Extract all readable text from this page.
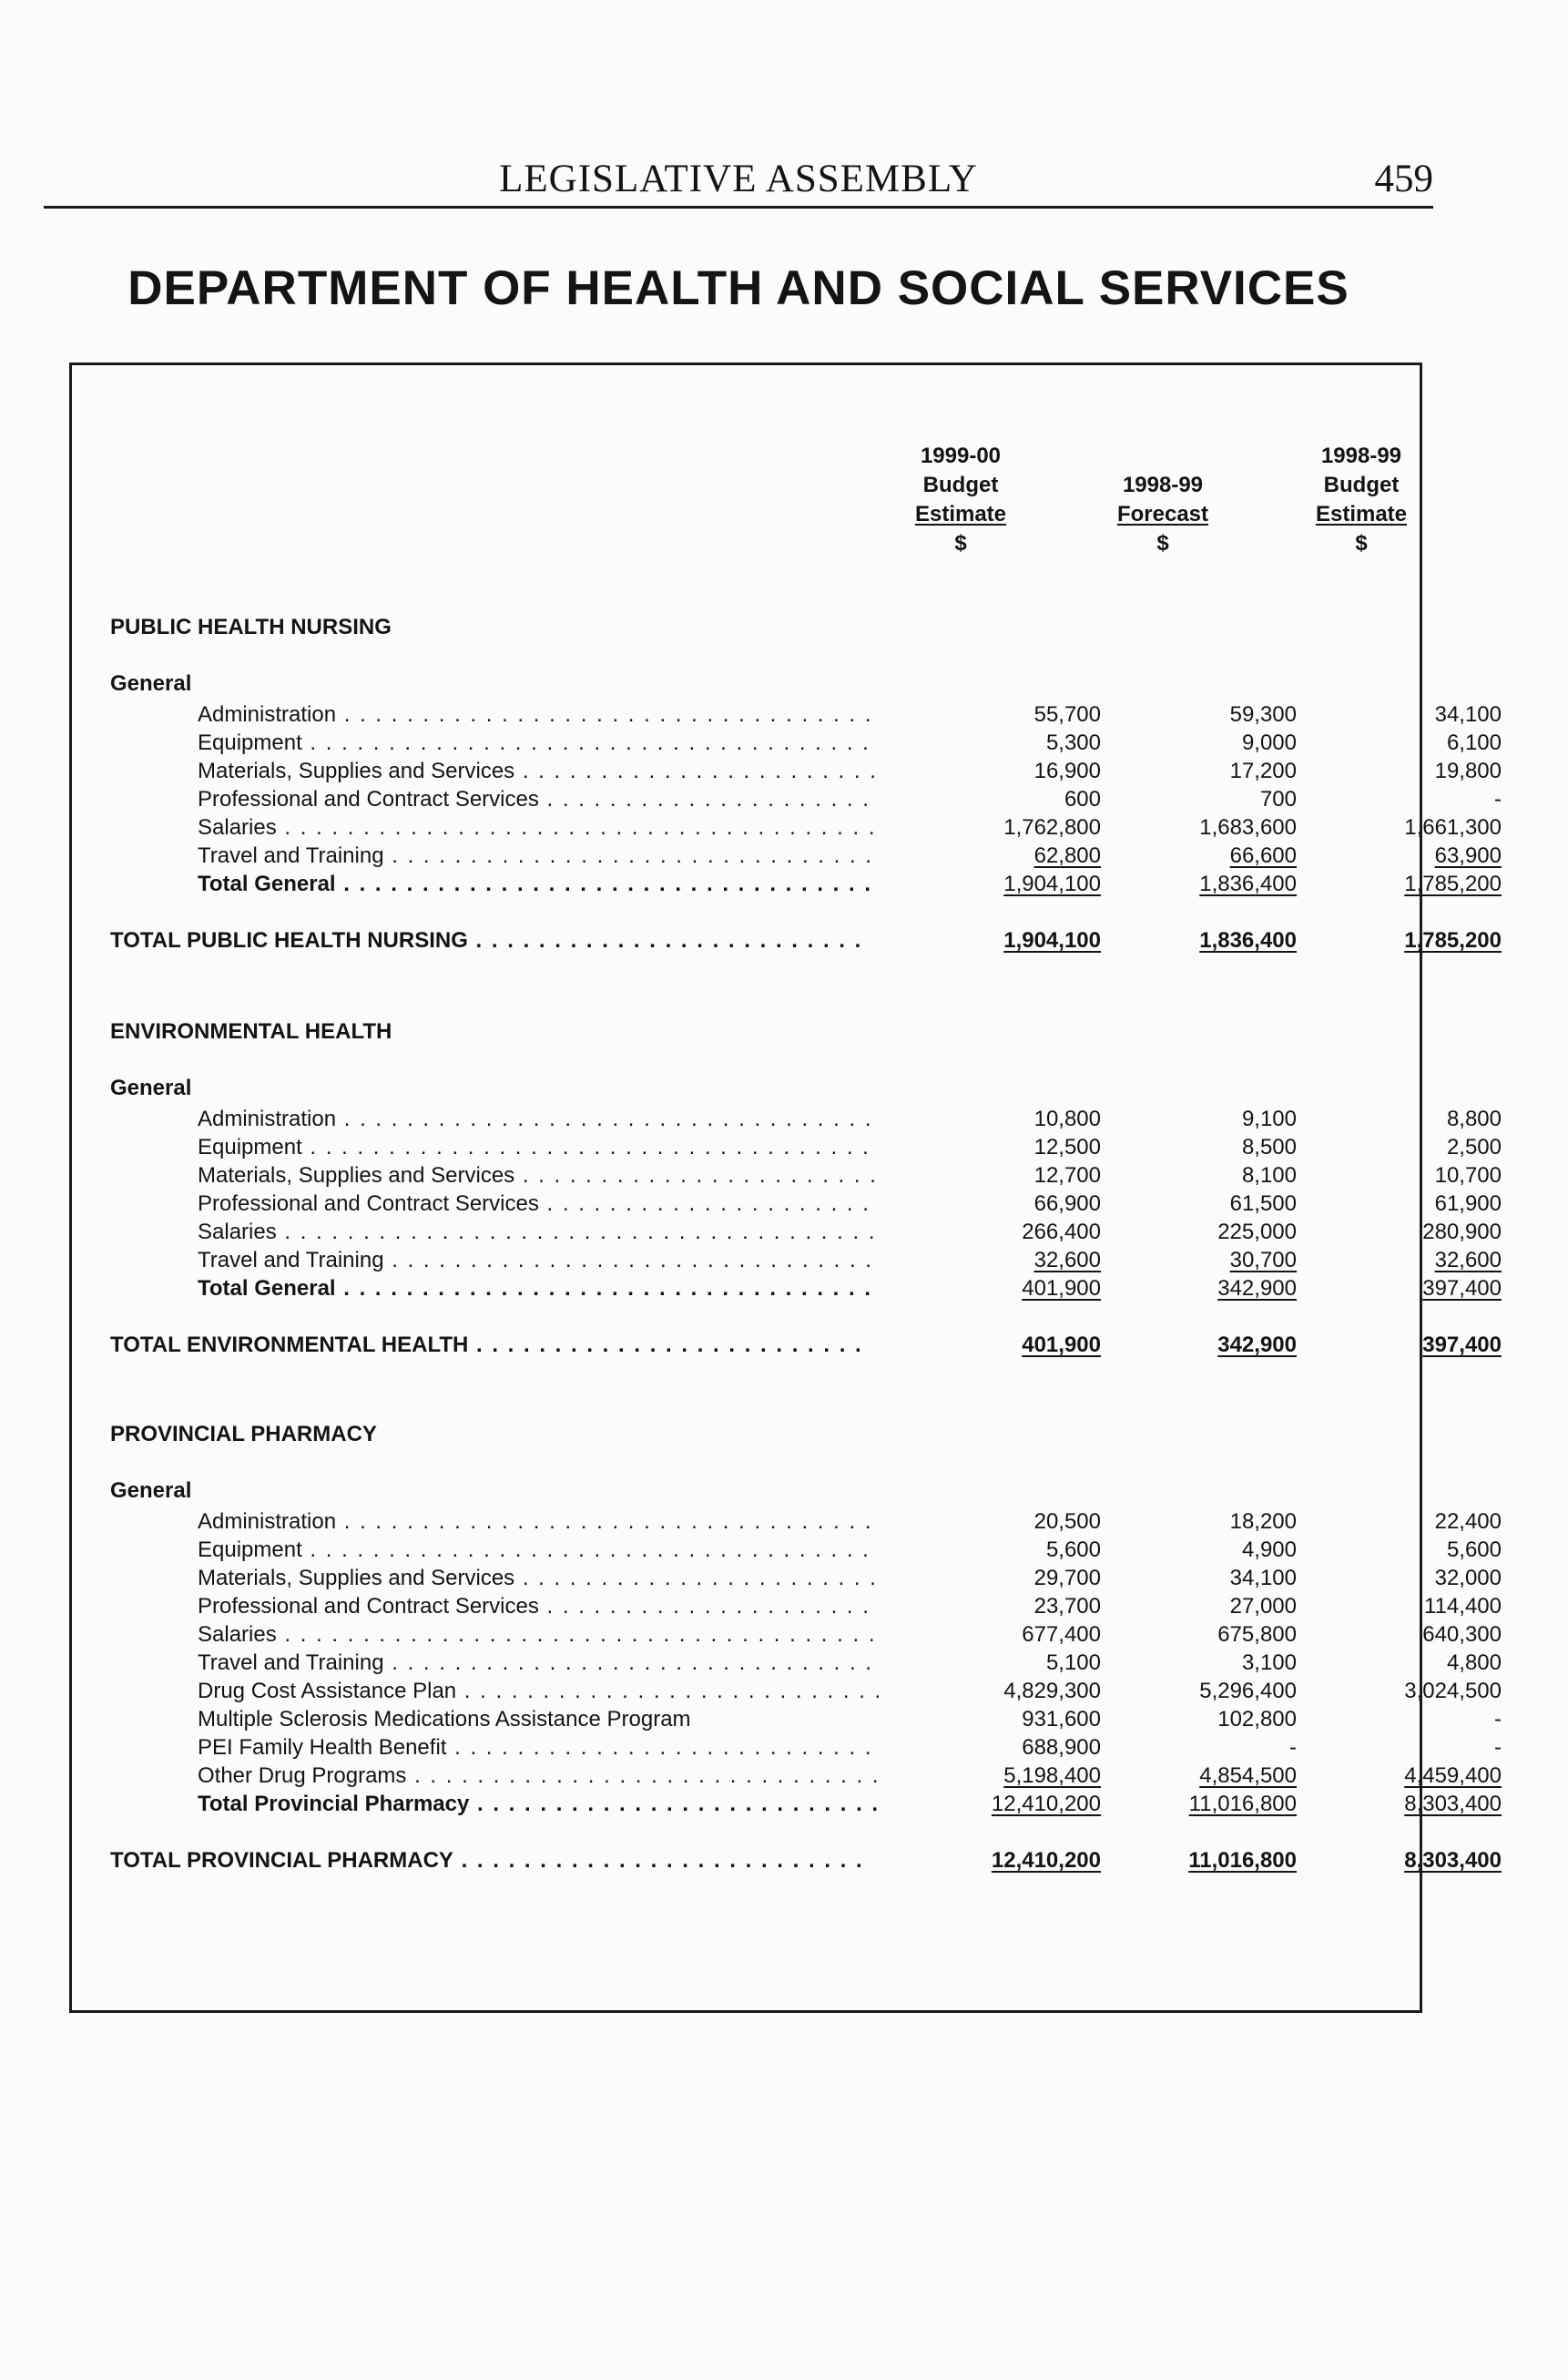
LEGISLATIVE ASSEMBLY	459
DEPARTMENT OF HEALTH AND SOCIAL SERVICES
1999-00
Budget
Estimate
$
1998-99
Forecast
$
1998-99
Budget
Estimate
$
PUBLIC HEALTH NURSING
General
Administration . . .	55,700	59,300	34,100
Equipment . . .	5,300	9,000	6,100
Materials, Supplies and Services . . .	16,900	17,200	19,800
Professional and Contract Services . . .	600	700	-
Salaries . . .	1,762,800	1,683,600	1,661,300
Travel and Training . . .	62,800	66,600	63,900
Total General . . .	1,904,100	1,836,400	1,785,200
TOTAL PUBLIC HEALTH NURSING . . .	1,904,100	1,836,400	1,785,200
ENVIRONMENTAL HEALTH
General
Administration . . .	10,800	9,100	8,800
Equipment . . .	12,500	8,500	2,500
Materials, Supplies and Services . . .	12,700	8,100	10,700
Professional and Contract Services . . .	66,900	61,500	61,900
Salaries . . .	266,400	225,000	280,900
Travel and Training . . .	32,600	30,700	32,600
Total General . . .	401,900	342,900	397,400
TOTAL ENVIRONMENTAL HEALTH . . .	401,900	342,900	397,400
PROVINCIAL PHARMACY
General
Administration . . .	20,500	18,200	22,400
Equipment . . .	5,600	4,900	5,600
Materials, Supplies and Services . . .	29,700	34,100	32,000
Professional and Contract Services . . .	23,700	27,000	114,400
Salaries . . .	677,400	675,800	640,300
Travel and Training . . .	5,100	3,100	4,800
Drug Cost Assistance Plan . . .	4,829,300	5,296,400	3,024,500
Multiple Sclerosis Medications Assistance Program	931,600	102,800	-
PEI Family Health Benefit . . .	688,900	-	-
Other Drug Programs . . .	5,198,400	4,854,500	4,459,400
Total Provincial Pharmacy . . .	12,410,200	11,016,800	8,303,400
TOTAL PROVINCIAL PHARMACY . . .	12,410,200	11,016,800	8,303,400
